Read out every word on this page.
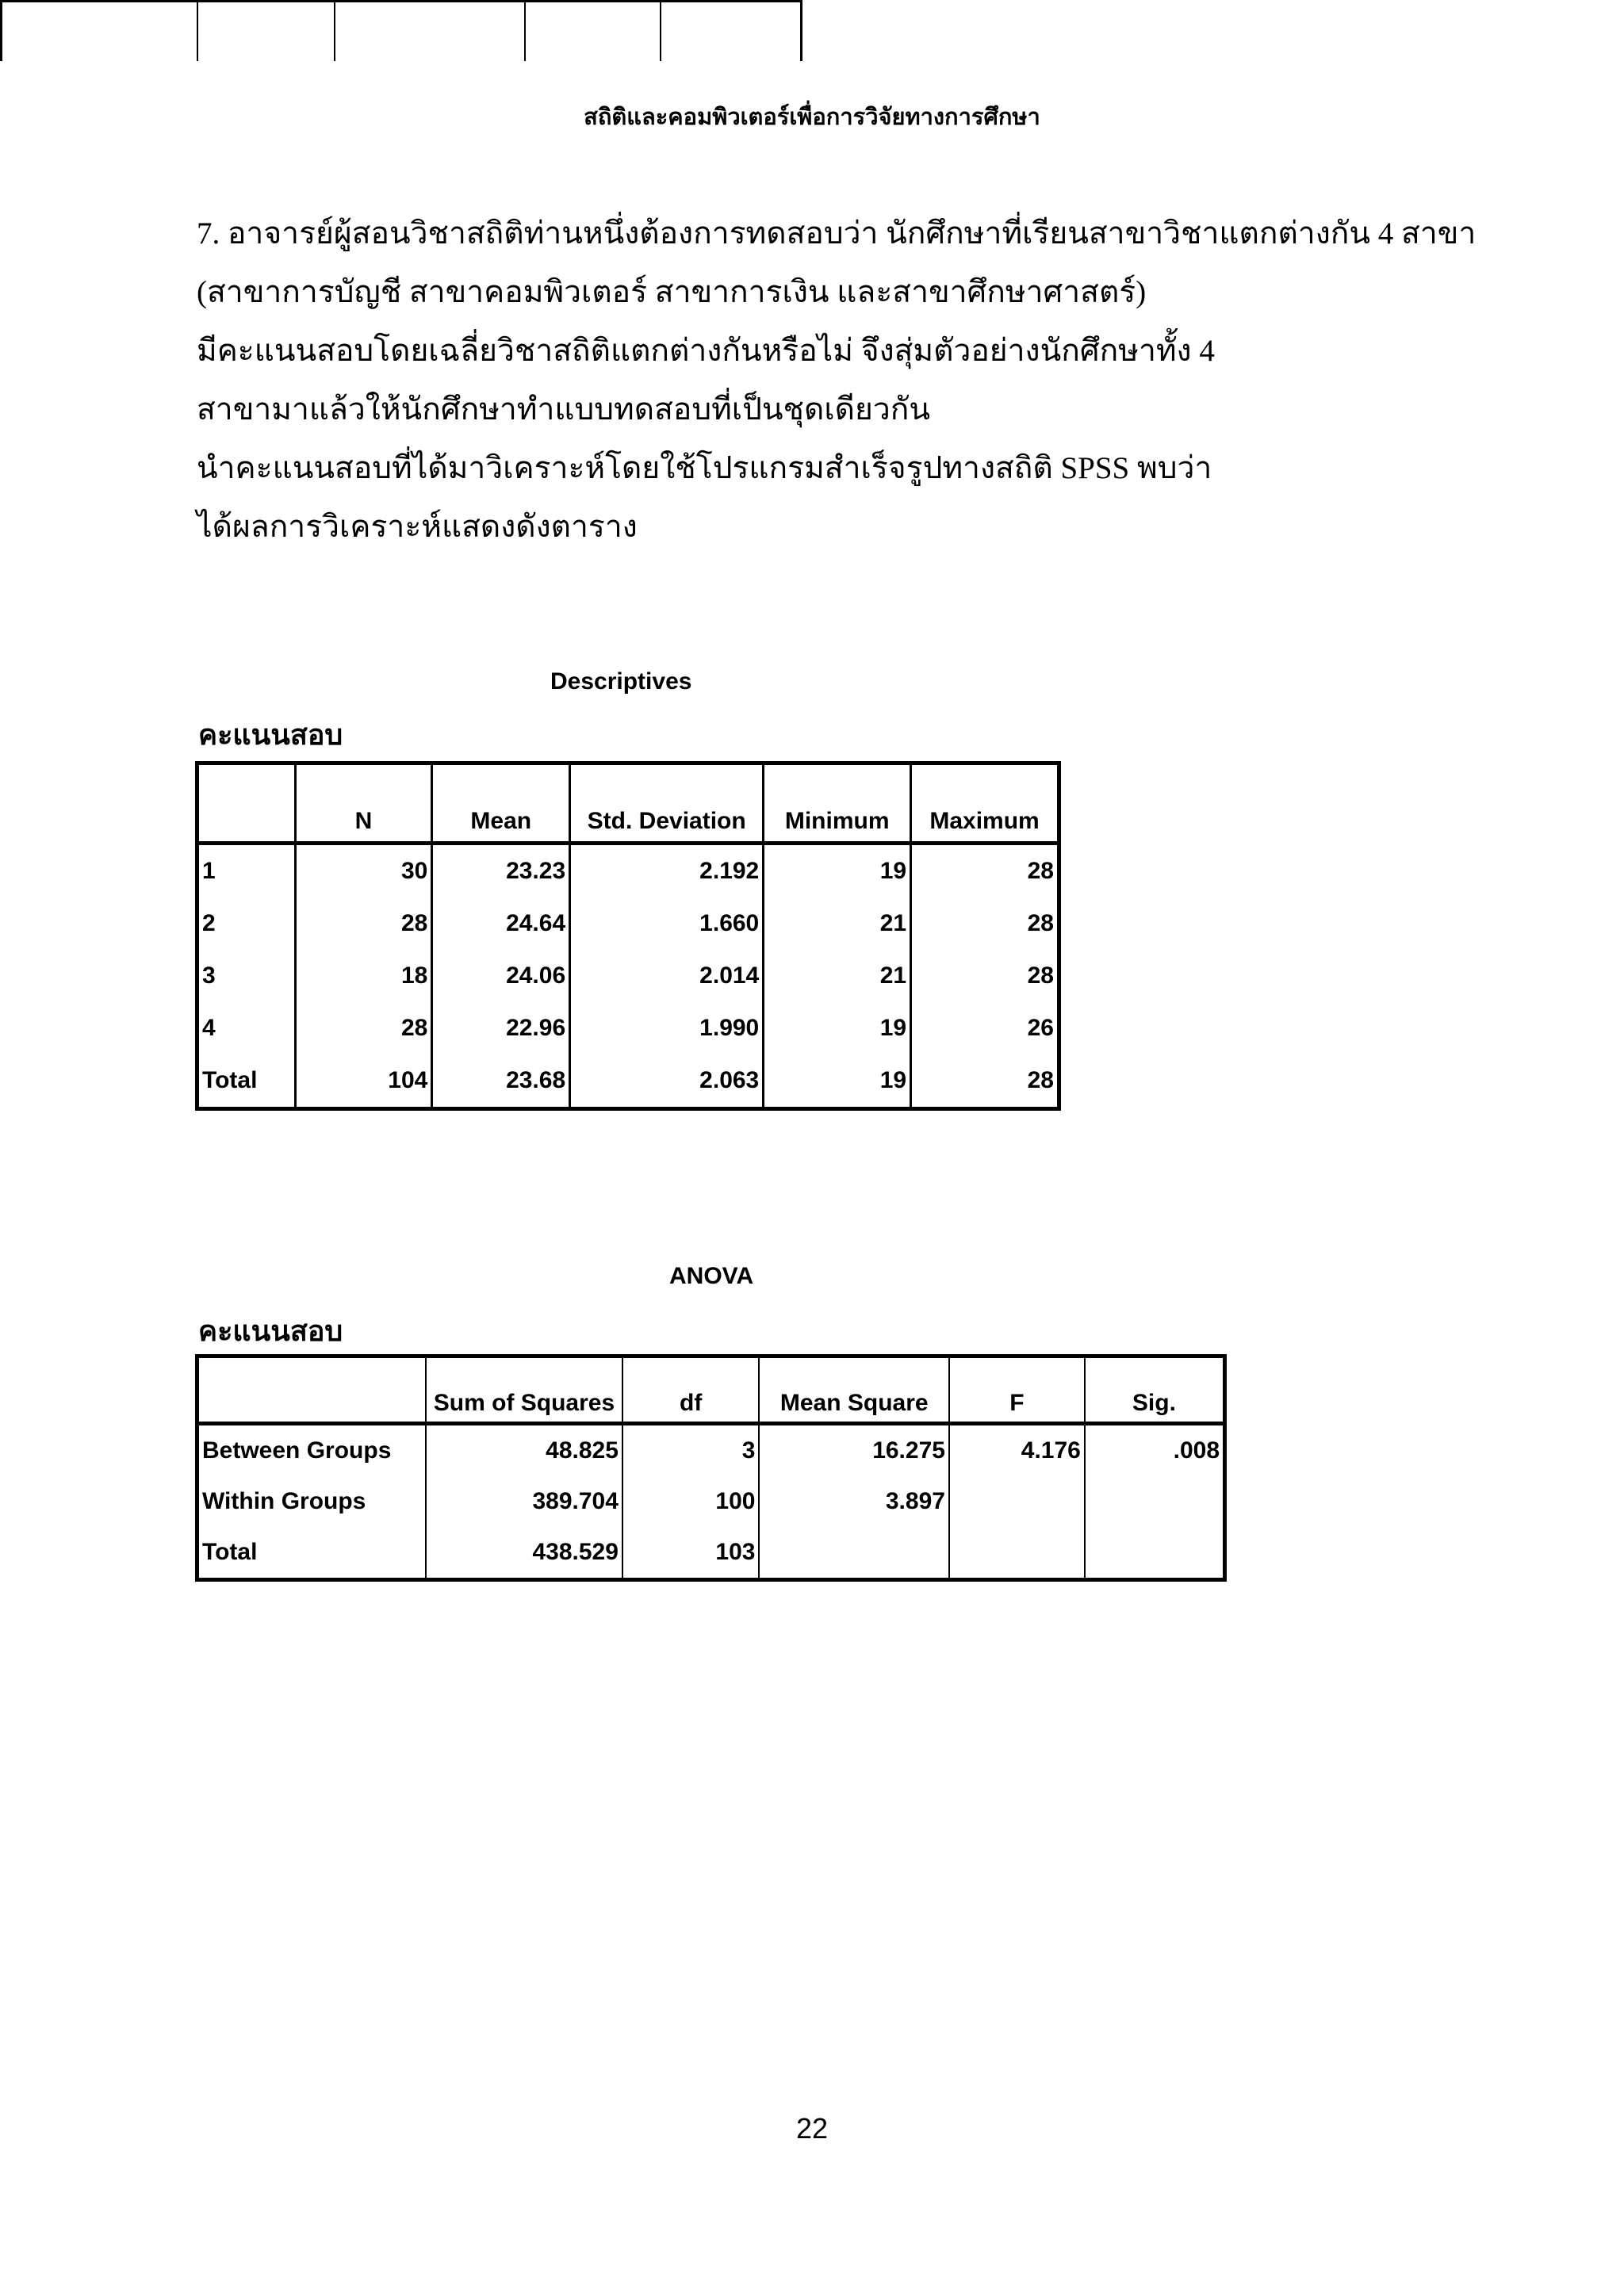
สถิติและคอมพิวเตอร์เพื่อการวิจัยทางการศึกษา
7. อาจารย์ผู้สอนวิชาสถิติท่านหนึ่งต้องการทดสอบว่า นักศึกษาที่เรียนสาขาวิชาแตกต่างกัน 4 สาขา
(สาขาการบัญชี สาขาคอมพิวเตอร์ สาขาการเงิน และสาขาศึกษาศาสตร์)
มีคะแนนสอบโดยเฉลี่ยวิชาสถิติแตกต่างกันหรือไม่ จึงสุ่มตัวอย่างนักศึกษาทั้ง 4
สาขามาแล้วให้นักศึกษาทำแบบทดสอบที่เป็นชุดเดียวกัน
นำคะแนนสอบที่ได้มาวิเคราะห์โดยใช้โปรแกรมสำเร็จรูปทางสถิติ SPSS พบว่า
ได้ผลการวิเคราะห์แสดงดังตาราง
Descriptives
คะแนนสอบ
	N	Mean	Std. Deviation	Minimum	Maximum
1	30	23.23	2.192	19	28
2	28	24.64	1.660	21	28
3	18	24.06	2.014	21	28
4	28	22.96	1.990	19	26
Total	104	23.68	2.063	19	28
ANOVA
คะแนนสอบ

	Sum of Squares	df	Mean Square	F	Sig.
Between Groups	48.825	3	16.275	4.176	.008
Within Groups	389.704	100	3.897		
Total	438.529	103			
22
